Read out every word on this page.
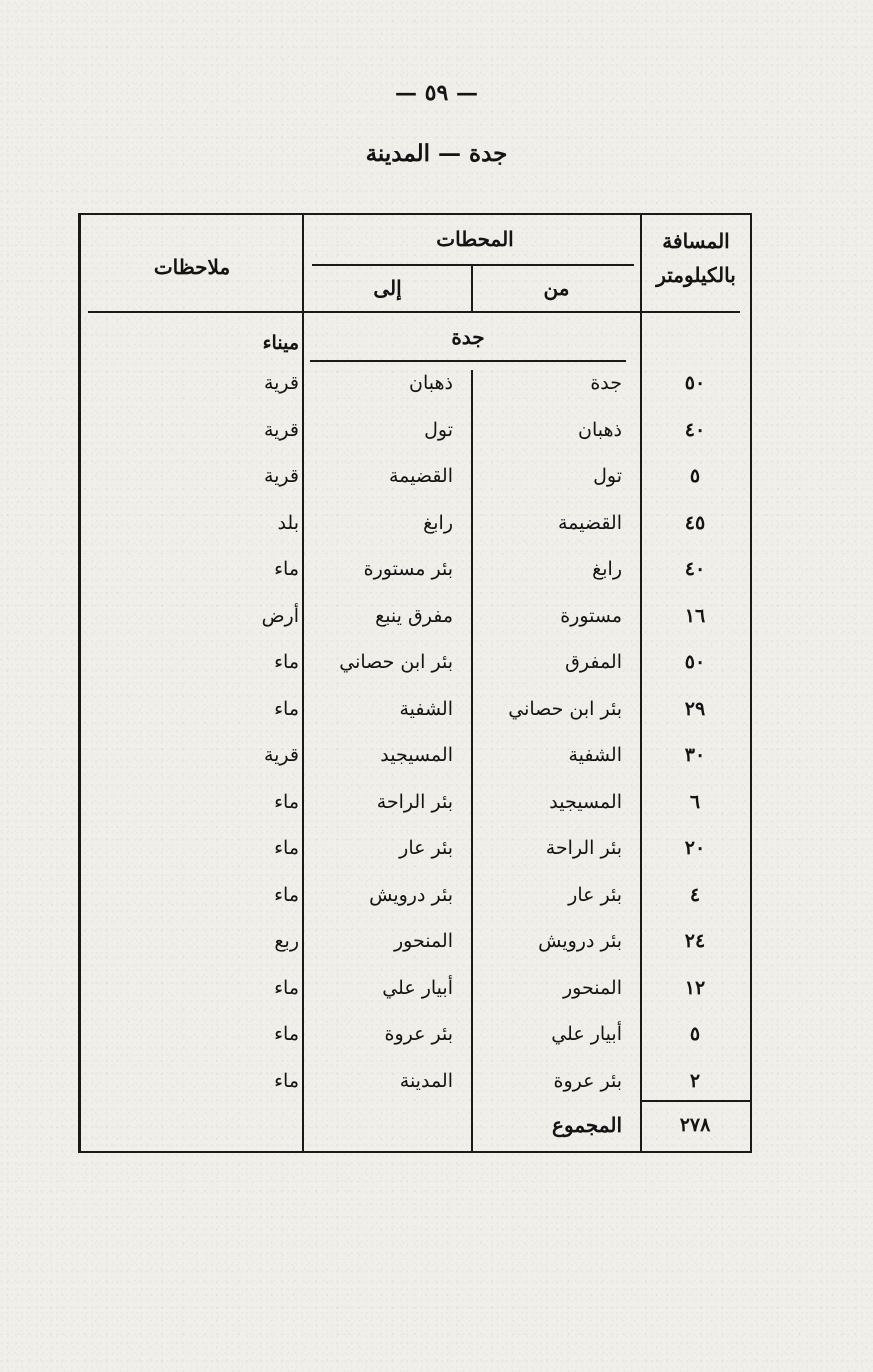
— ٥٩ —
جدة — المدينة
المسافة بالكيلومتر
المحطات
من
إلى
ملاحظات
جدة
ميناء
٥٠
جدة
ذهبان
قرية
٤٠
ذهبان
تول
قرية
٥
تول
القضيمة
قرية
٤٥
القضيمة
رابغ
بلد
٤٠
رابغ
بئر مستورة
ماء
١٦
مستورة
مفرق ينبع
أرض
٥٠
المفرق
بئر ابن حصاني
ماء
٢٩
بئر ابن حصاني
الشفية
ماء
٣٠
الشفية
المسيجيد
قرية
٦
المسيجيد
بئر الراحة
ماء
٢٠
بئر الراحة
بئر عار
ماء
٤
بئر عار
بئر درويش
ماء
٢٤
بئر درويش
المنحور
ربع
١٢
المنحور
أبيار علي
ماء
٥
أبيار علي
بئر عروة
ماء
٢
بئر عروة
المدينة
ماء
المجموع	٢٧٨
